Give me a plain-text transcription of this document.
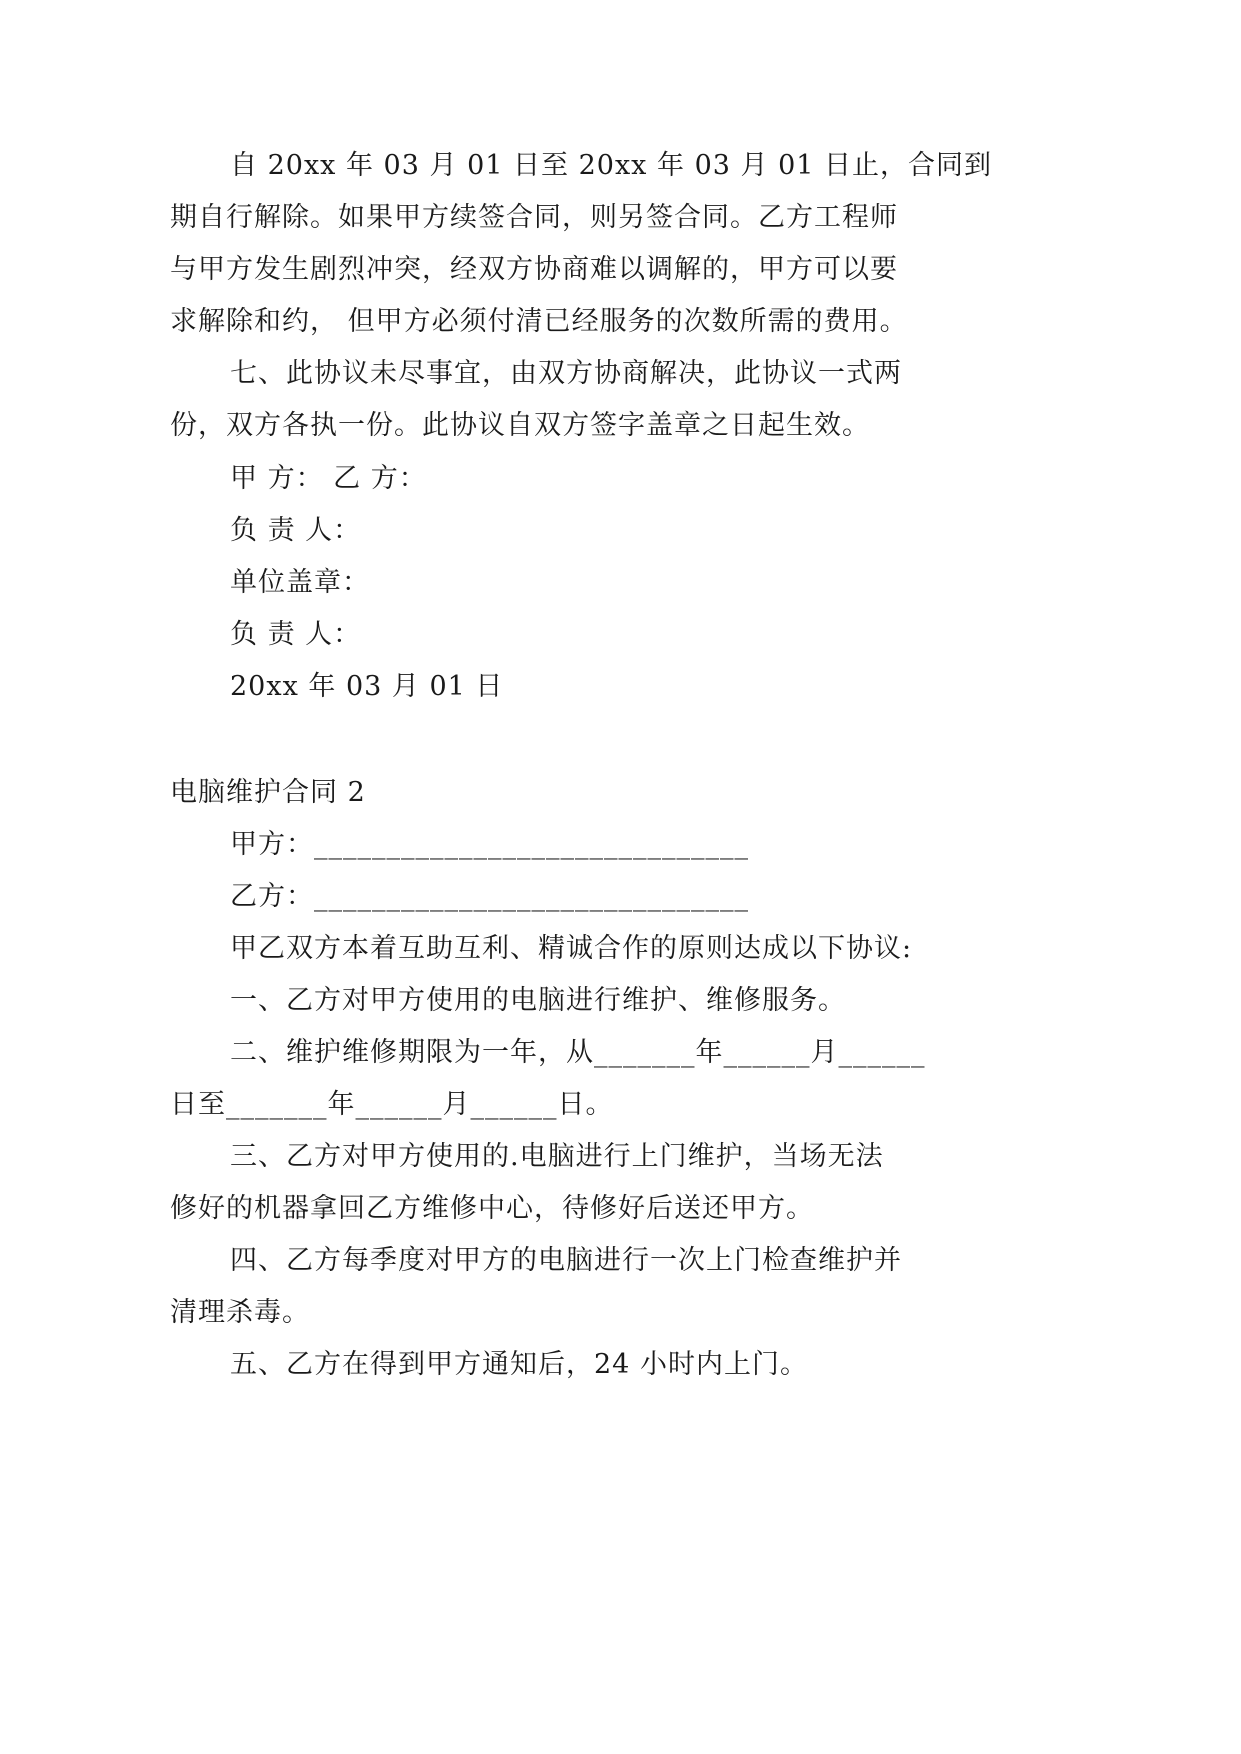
自 20xx 年 03 月 01 日至 20xx 年 03 月 01 日止，合同到
期自行解除。如果甲方续签合同，则另签合同。乙方工程师
与甲方发生剧烈冲突，经双方协商难以调解的，甲方可以要
求解除和约， 但甲方必须付清已经服务的次数所需的费用。
七、此协议未尽事宜，由双方协商解决，此协议一式两
份，双方各执一份。此协议自双方签字盖章之日起生效。
甲 方： 乙 方：
负 责 人：
单位盖章：
负 责 人：
20xx 年 03 月 01 日
电脑维护合同 2
甲方：______________________________
乙方：______________________________
甲乙双方本着互助互利、精诚合作的原则达成以下协议:
一、乙方对甲方使用的电脑进行维护、维修服务。
二、维护维修期限为一年，从_______年______月______
日至_______年______月______日。
三、乙方对甲方使用的.电脑进行上门维护，当场无法
修好的机器拿回乙方维修中心，待修好后送还甲方。
四、乙方每季度对甲方的电脑进行一次上门检查维护并
清理杀毒。
五、乙方在得到甲方通知后，24 小时内上门。
